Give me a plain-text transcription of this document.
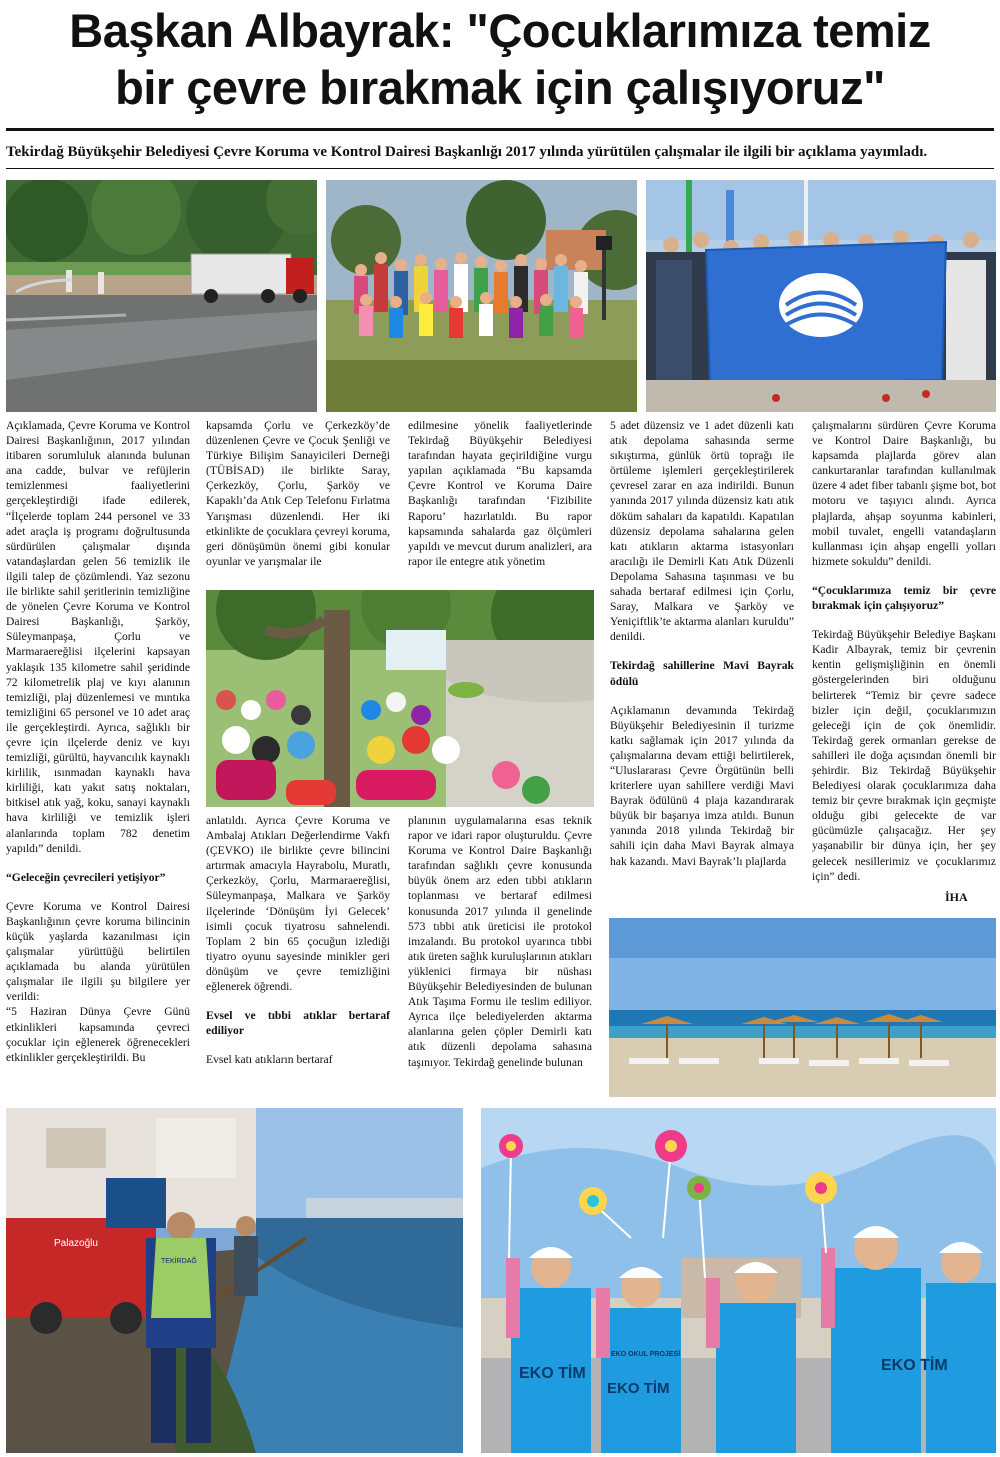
Başkan Albayrak: "Çocuklarımıza temiz
bir çevre bırakmak için çalışıyoruz"
Tekirdağ Büyükşehir Belediyesi Çevre Koruma ve Kontrol Dairesi Başkanlığı 2017 yılında yürütülen çalışmalar ile ilgili bir açıklama yayımladı.
Palazoğlu
TEKİRDAĞ
EKO TİM
EKO TİM
EKO TİM
EKO OKUL PROJESİ

Açıklamada, Çevre Koruma ve Kontrol Dairesi Başkanlığının, 2017 yılından itibaren sorumluluk alanında bulunan ana cadde, bulvar ve refüjlerin temizlenmesi faaliyetlerini gerçekleştirdiği ifade edilerek, “İlçelerde toplam 244 personel ve 33 adet araçla iş programı doğrultusunda sürdürülen çalışmalar dışında vatandaşlardan gelen 56 temizlik ile ilgili talep de çözümlendi. Yaz sezonu ile birlikte sahil şeritlerinin temizliğine de yönelen Çevre Koruma ve Kontrol Dairesi Başkanlığı, Şarköy, Süleymanpaşa, Çorlu ve Marmaraereğlisi ilçelerini kapsayan yaklaşık 135 kilometre sahil şeridinde 72 kilometrelik plaj ve kıyı alanının temizliği, plaj düzenlemesi ve mıntıka temizliğini 65 personel ve 10 adet araç ile gerçekleştirdi. Ayrıca, sağlıklı bir çevre için ilçelerde deniz ve kıyı temizliği, gürültü, hayvancılık kaynaklı kirlilik, ısınmadan kaynaklı hava kirliliği, katı yakıt satış noktaları, bitkisel atık yağ, koku, sanayi kaynaklı hava kirliliği ve temizlik işleri alanlarında toplam 782 denetim yapıldı” denildi.

“Geleceğin çevrecileri yetişiyor”

Çevre Koruma ve Kontrol Dairesi Başkanlığının çevre koruma bilincinin küçük yaşlarda kazanılması için çalışmalar yürüttüğü belirtilen açıklamada bu alanda yürütülen çalışmalar ile ilgili şu bilgilere yer verildi:

“5 Haziran Dünya Çevre Günü etkinlikleri kapsamında çevreci çocuklar için eğlenerek öğrenecekleri etkinlikler gerçekleştirildi. Bu

kapsamda Çorlu ve Çerkezköy’de düzenlenen Çevre ve Çocuk Şenliği ve Türkiye Bilişim Sanayicileri Derneği (TÜBİSAD) ile birlikte Saray, Çerkezköy, Çorlu, Şarköy ve Kapaklı’da Atık Cep Telefonu Fırlatma Yarışması düzenlendi. Her iki etkinlikte de çocuklara çevreyi koruma, geri dönüşümün önemi gibi konular oyunlar ve yarışmalar ile

anlatıldı. Ayrıca Çevre Koruma ve Ambalaj Atıkları Değerlendirme Vakfı (ÇEVKO) ile birlikte çevre bilincini artırmak amacıyla Hayrabolu, Muratlı, Çerkezköy, Çorlu, Marmaraereğlisi, Süleymanpaşa, Malkara ve Şarköy ilçelerinde ‘Dönüşüm İyi Gelecek’ isimli çocuk tiyatrosu sahnelendi. Toplam 2 bin 65 çocuğun izlediği tiyatro oyunu sayesinde minikler geri dönüşüm ve çevre temizliğini eğlenerek öğrendi.

Evsel ve tıbbi atıklar bertaraf ediliyor

Evsel katı atıkların bertaraf

edilmesine yönelik faaliyetlerinde Tekirdağ Büyükşehir Belediyesi tarafından hayata geçirildiğine vurgu yapılan açıklamada “Bu kapsamda Çevre Kontrol ve Koruma Daire Başkanlığı tarafından ‘Fizibilite Raporu’ hazırlatıldı. Bu rapor kapsamında sahalarda gaz ölçümleri yapıldı ve mevcut durum analizleri, ara rapor ile entegre atık yönetim

planının uygulamalarına esas teknik rapor ve idari rapor oluşturuldu. Çevre Koruma ve Kontrol Daire Başkanlığı tarafından sağlıklı çevre konusunda büyük önem arz eden tıbbi atıkların toplanması ve bertaraf edilmesi konusunda 2017 yılında il genelinde 573 tıbbi atık üreticisi ile protokol imzalandı. Bu protokol uyarınca tıbbi atık üreten sağlık kuruluşlarının atıkları yüklenici firmaya bir nüshası Büyükşehir Belediyesinden de bulunan Atık Taşıma Formu ile teslim ediliyor. Ayrıca ilçe belediyelerden aktarma alanlarına gelen çöpler Demirli katı atık düzenli depolama sahasına taşınıyor. Tekirdağ genelinde bulunan

5 adet düzensiz ve 1 adet düzenli katı atık depolama sahasında serme sıkıştırma, günlük örtü toprağı ile örtüleme işlemleri gerçekleştirilerek çevresel zarar en aza indirildi. Bunun yanında 2017 yılında düzensiz katı atık döküm sahaları da kapatıldı. Kapatılan düzensiz depolama sahalarına gelen katı atıkların aktarma istasyonları aracılığı ile Demirli Katı Atık Düzenli Depolama Sahasına taşınması ve bu sahada bertaraf edilmesi için Çorlu, Saray, Malkara ve Şarköy ve Yeniçiftlik’te aktarma alanları kuruldu” denildi.

Tekirdağ sahillerine Mavi Bayrak ödülü

Açıklamanın devamında Tekirdağ Büyükşehir Belediyesinin il turizme katkı sağlamak için 2017 yılında da çalışmalarına devam ettiği belirtilerek, “Uluslararası Çevre Örgütünün belli kriterlere uyan sahillere verdiği Mavi Bayrak ödülünü 4 plaja kazandırarak büyük bir başarıya imza atıldı. Bunun yanında 2018 yılında Tekirdağ bir sahili için daha Mavi Bayrak almaya hak kazandı. Mavi Bayrak’lı plajlarda

çalışmalarını sürdüren Çevre Koruma ve Kontrol Daire Başkanlığı, bu kapsamda plajlarda görev alan cankurtaranlar tarafından kullanılmak üzere 4 adet fiber tabanlı şişme bot, bot motoru ve taşıyıcı alındı. Ayrıca plajlarda, ahşap soyunma kabinleri, mobil tuvalet, engelli vatandaşların kullanması için ahşap engelli yolları hizmete sokuldu” denildi.

“Çocuklarımıza temiz bir çevre bırakmak için çalışıyoruz”

Tekirdağ Büyükşehir Belediye Başkanı Kadir Albayrak, temiz bir çevrenin kentin gelişmişliğinin en önemli göstergelerinden biri olduğunu belirterek “Temiz bir çevre sadece bizler için değil, çocuklarımızın geleceği için de çok önemlidir. Tekirdağ gerek ormanları gerekse de sahilleri ile doğa açısından önemli bir şehirdir. Biz Tekirdağ Büyükşehir Belediyesi olarak çocuklarımıza daha temiz bir çevre bırakmak için geçmişte olduğu gibi gelecekte de var gücümüzle çalışacağız. Her şey yaşanabilir bir dünya için, her şey gelecek nesillerimiz ve çocuklarımız için” dedi.

İHA
